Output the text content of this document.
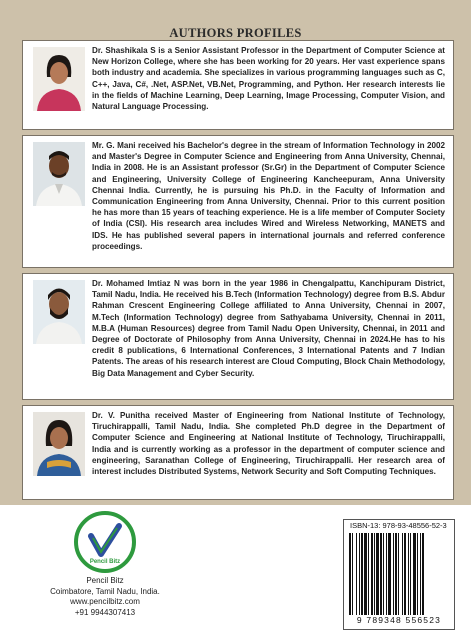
AUTHORS PROFILES

Dr. Shashikala S is a Senior Assistant Professor in the Department of Computer Science at New Horizon College, where she has been working for 20 years. Her vast experience spans both industry and academia. She specializes in various programming languages such as C, C++, Java, C#, .Net, ASP.Net, VB.Net, Programming, and Python. Her research interests lie in the fields of Machine Learning, Deep Learning, Image Processing, Computer Vision, and Natural Language Processing.

Mr. G. Mani received his Bachelor's degree in the stream of Information Technology in 2002 and Master's Degree in Computer Science and Engineering from Anna University, Chennai, India in 2008. He is an Assistant professor (Sr.Gr) in the Department of Computer Science and Engineering, University College of Engineering Kancheepuram, Anna University Chennai India. Currently, he is pursuing his Ph.D. in the Faculty of Information and Communication Engineering from Anna University, Chennai. Prior to this current position he has more than 15 years of teaching experience. He is a life member of Computer Society of India (CSI). His research area includes Wired and Wireless Networking, MANETS and IDS. He has published several papers in international journals and referred conference proceedings.

Dr. Mohamed Imtiaz N was born in the year 1986 in Chengalpattu, Kanchipuram District, Tamil Nadu, India. He received his B.Tech (Information Technology) degree from B.S. Abdur Rahman Crescent Engineering College affiliated to Anna University, Chennai in 2007, M.Tech (Information Technology) degree from Sathyabama University, Chennai in 2011, M.B.A (Human Resources) degree from Tamil Nadu Open University, Chennai, in 2011 and Degree of Doctorate of Philosophy from Anna University, Chennai in 2024.He has to his credit 8 publications, 6 International Conferences, 3 International Patents and 7 Indian Patents. The areas of his research interest are Cloud Computing, Block Chain Methodology, Big Data Management and Cyber Security.

Dr. V. Punitha received Master of Engineering from National Institute of Technology, Tiruchirappalli, Tamil Nadu, India. She completed Ph.D degree in the Department of Computer Science and Engineering at National Institute of Technology, Tiruchirappalli, India and is currently working as a professor in the department of computer science and engineering, Saranathan College of Engineering, Tiruchirappalli. Her research area of interest includes Distributed Systems, Network Security and Soft Computing Techniques.

Pencil Bitz
Pencil Bitz
Coimbatore, Tamil Nadu, India.
www.pencilbitz.com
+91 9944307413
ISBN-13: 978-93-48556-52-3
9 789348 556523
